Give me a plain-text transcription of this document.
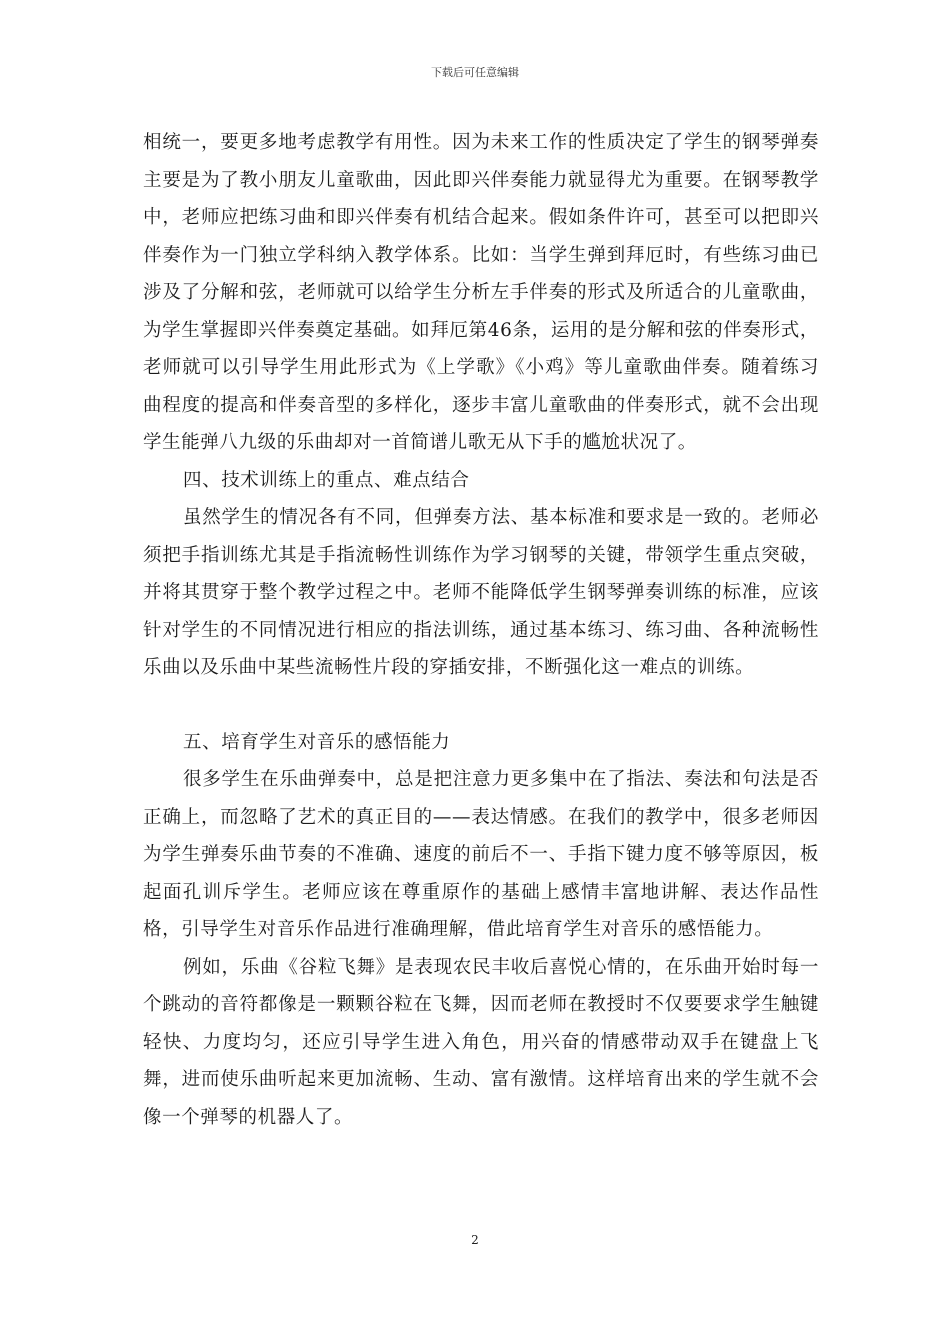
下载后可任意编辑

相统一，要更多地考虑教学有用性。因为未来工作的性质决定了学生的钢琴弹奏主要是为了教小朋友儿童歌曲，因此即兴伴奏能力就显得尤为重要。在钢琴教学中，老师应把练习曲和即兴伴奏有机结合起来。假如条件许可，甚至可以把即兴伴奏作为一门独立学科纳入教学体系。比如：当学生弹到拜厄时，有些练习曲已涉及了分解和弦，老师就可以给学生分析左手伴奏的形式及所适合的儿童歌曲，为学生掌握即兴伴奏奠定基础。如拜厄第46条，运用的是分解和弦的伴奏形式，老师就可以引导学生用此形式为《上学歌》《小鸡》等儿童歌曲伴奏。随着练习曲程度的提高和伴奏音型的多样化，逐步丰富儿童歌曲的伴奏形式，就不会出现学生能弹八九级的乐曲却对一首简谱儿歌无从下手的尴尬状况了。

四、技术训练上的重点、难点结合

虽然学生的情况各有不同，但弹奏方法、基本标准和要求是一致的。老师必须把手指训练尤其是手指流畅性训练作为学习钢琴的关键，带领学生重点突破，并将其贯穿于整个教学过程之中。老师不能降低学生钢琴弹奏训练的标准，应该针对学生的不同情况进行相应的指法训练，通过基本练习、练习曲、各种流畅性乐曲以及乐曲中某些流畅性片段的穿插安排，不断强化这一难点的训练。

五、培育学生对音乐的感悟能力

很多学生在乐曲弹奏中，总是把注意力更多集中在了指法、奏法和句法是否正确上，而忽略了艺术的真正目的——表达情感。在我们的教学中，很多老师因为学生弹奏乐曲节奏的不准确、速度的前后不一、手指下键力度不够等原因，板起面孔训斥学生。老师应该在尊重原作的基础上感情丰富地讲解、表达作品性格，引导学生对音乐作品进行准确理解，借此培育学生对音乐的感悟能力。

例如，乐曲《谷粒飞舞》是表现农民丰收后喜悦心情的，在乐曲开始时每一个跳动的音符都像是一颗颗谷粒在飞舞，因而老师在教授时不仅要要求学生触键轻快、力度均匀，还应引导学生进入角色，用兴奋的情感带动双手在键盘上飞舞，进而使乐曲听起来更加流畅、生动、富有激情。这样培育出来的学生就不会像一个弹琴的机器人了。

2
